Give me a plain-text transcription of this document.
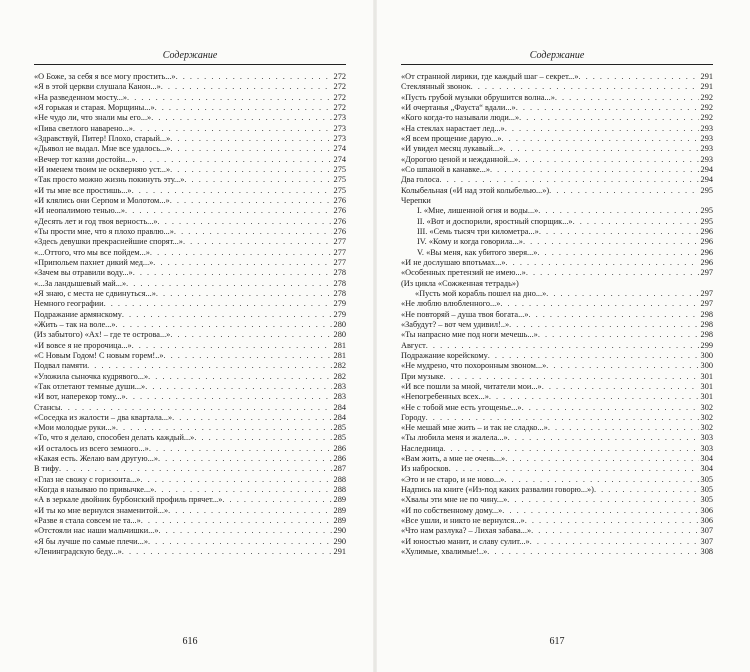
Содержание
«О Боже, за себя я все могу простить...» . . .	272
«Я в этой церкви слушала Канон...» . . .	272
«На разведенном мосту...» . . .	272
«Я горькая и старая. Морщины...» . . .	272
«Не чудо ли, что знали мы его...» . . .	273
«Пива светлого наварено...» . . .	273
«Здравствуй, Питер! Плохо, старый...» . . .	273
«Дьявол не выдал. Мне все удалось...» . . .	274
«Вечер тот казни достойн...» . . .	274
«И именем твоим не оскверняю уст...» . . .	275
«Так просто можно жизнь покинуть эту...» . . .	275
«И ты мне все простишь...» . . .	275
«И клялись они Серпом и Молотом...» . . .	276
«И неопалимою тенью...» . . .	276
«Десять лет и год твоя верность...» . . .	276
«Ты прости мне, что я плохо правлю...» . . .	276
«Здесь девушки прекраснейшие спорят...» . . .	277
«...Оттого, что мы все пойдем...» . . .	277
«Припольем пахнет дикий мед...» . . .	277
«Зачем вы отравили воду...» . . .	278
«...За ландышевый май...» . . .	278
«Я знаю, с места не сдвинуться...» . . .	278
Немного географии . . .	279
Подражание армянскому . . .	279
«Жить – так на воле...» . . .	280
(Из забытого) «Ах! – где те острова...» . . .	280
«И вовсе я не пророчица...» . . .	281
«С Новым Годом! С новым горем!..» . . .	281
Подвал памяти . . .	282
«Уложила сыночка кудрявого...» . . .	282
«Так отлетают темные души...» . . .	283
«И вот, наперекор тому...» . . .	283
Стансы . . .	284
«Соседка из жалости – два квартала...» . . .	284
«Мои молодые руки...» . . .	285
«То, что я делаю, способен делать каждый...» . . .	285
«И осталось из всего земного...» . . .	286
«Какая есть. Желаю вам другую...» . . .	286
В тифу . . .	287
«Глаз не свожу с горизонта...» . . .	288
«Когда я называю по привычке...» . . .	288
«А в зеркале двойник бурбонский профиль прячет...» . . .	289
«И ты ко мне вернулся знаменитой...» . . .	289
«Разве я стала совсем не та...» . . .	289
«Отстояли нас наши мальчишки...» . . .	290
«Я бы лучше по самые плечи...» . . .	290
«Ленинградскую беду...» . . .	291
616
Содержание
«От странной лирики, где каждый шаг – секрет...» . . .	291
Стеклянный звонок . . .	291
«Пусть грубой музыки обрушится волна...» . . .	292
«И очертанья „Фауста“ вдали...» . . .	292
«Кого когда-то называли люди...» . . .	292
«На стеклах нарастает лед...» . . .	293
«Я всем прощение дарую...» . . .	293
«И увидел месяц лукавый...» . . .	293
«Дорогою ценой и нежданной...» . . .	293
«Со шпаной в канавке...» . . .	294
Два голоса . . .	294
Колыбельная («И над этой колыбелью...») . . .	295
Черепки
I. «Мне, лишенной огня и воды...» . . .	295
II. «Вот и доспорили, яростный спорщик...» . . .	295
III. «Семь тысяч три километра...» . . .	296
IV. «Кому и когда говорила...» . . .	296
V. «Вы меня, как убитого зверя...» . . .	296
«И не дослушаю впотьмах...» . . .	296
«Особенных претензий не имею...» . . .	297
(Из цикла «Сожженная тетрадь»)
«Пусть мой корабль пошел на дно...» . . .	297
«Не люблю влюбленного...» . . .	297
«Не повторяй – душа твоя богата...» . . .	298
«Забудут? – вот чем удивил!..» . . .	298
«Ты напрасно мне под ноги мечешь...» . . .	298
Август . . .	299
Подражание корейскому . . .	300
«Не мудрено, что похоронным звоном...» . . .	300
При музыке . . .	301
«И все пошли за мной, читатели мои...» . . .	301
«Непогребенных всех...» . . .	301
«Не с тобой мне есть угощенье...» . . .	302
Городу . . .	302
«Не мешай мне жить – и так не сладко...» . . .	302
«Ты любила меня и жалела...» . . .	303
Наследница . . .	303
«Вам жить, а мне не очень...» . . .	304
Из набросков . . .	304
«Это и не старо, и не ново...» . . .	305
Надпись на книге («Из-под каких развалин говорю...») . . .	305
«Хвалы эти мне не по чину...» . . .	305
«И по собственному дому...» . . .	306
«Все ушли, и никто не вернулся...» . . .	306
«Что нам разлука? – Лихая забава...» . . .	307
«И юностью манит, и славу сулит...» . . .	307
«Хулимые, хвалимые!..» . . .	308
617
